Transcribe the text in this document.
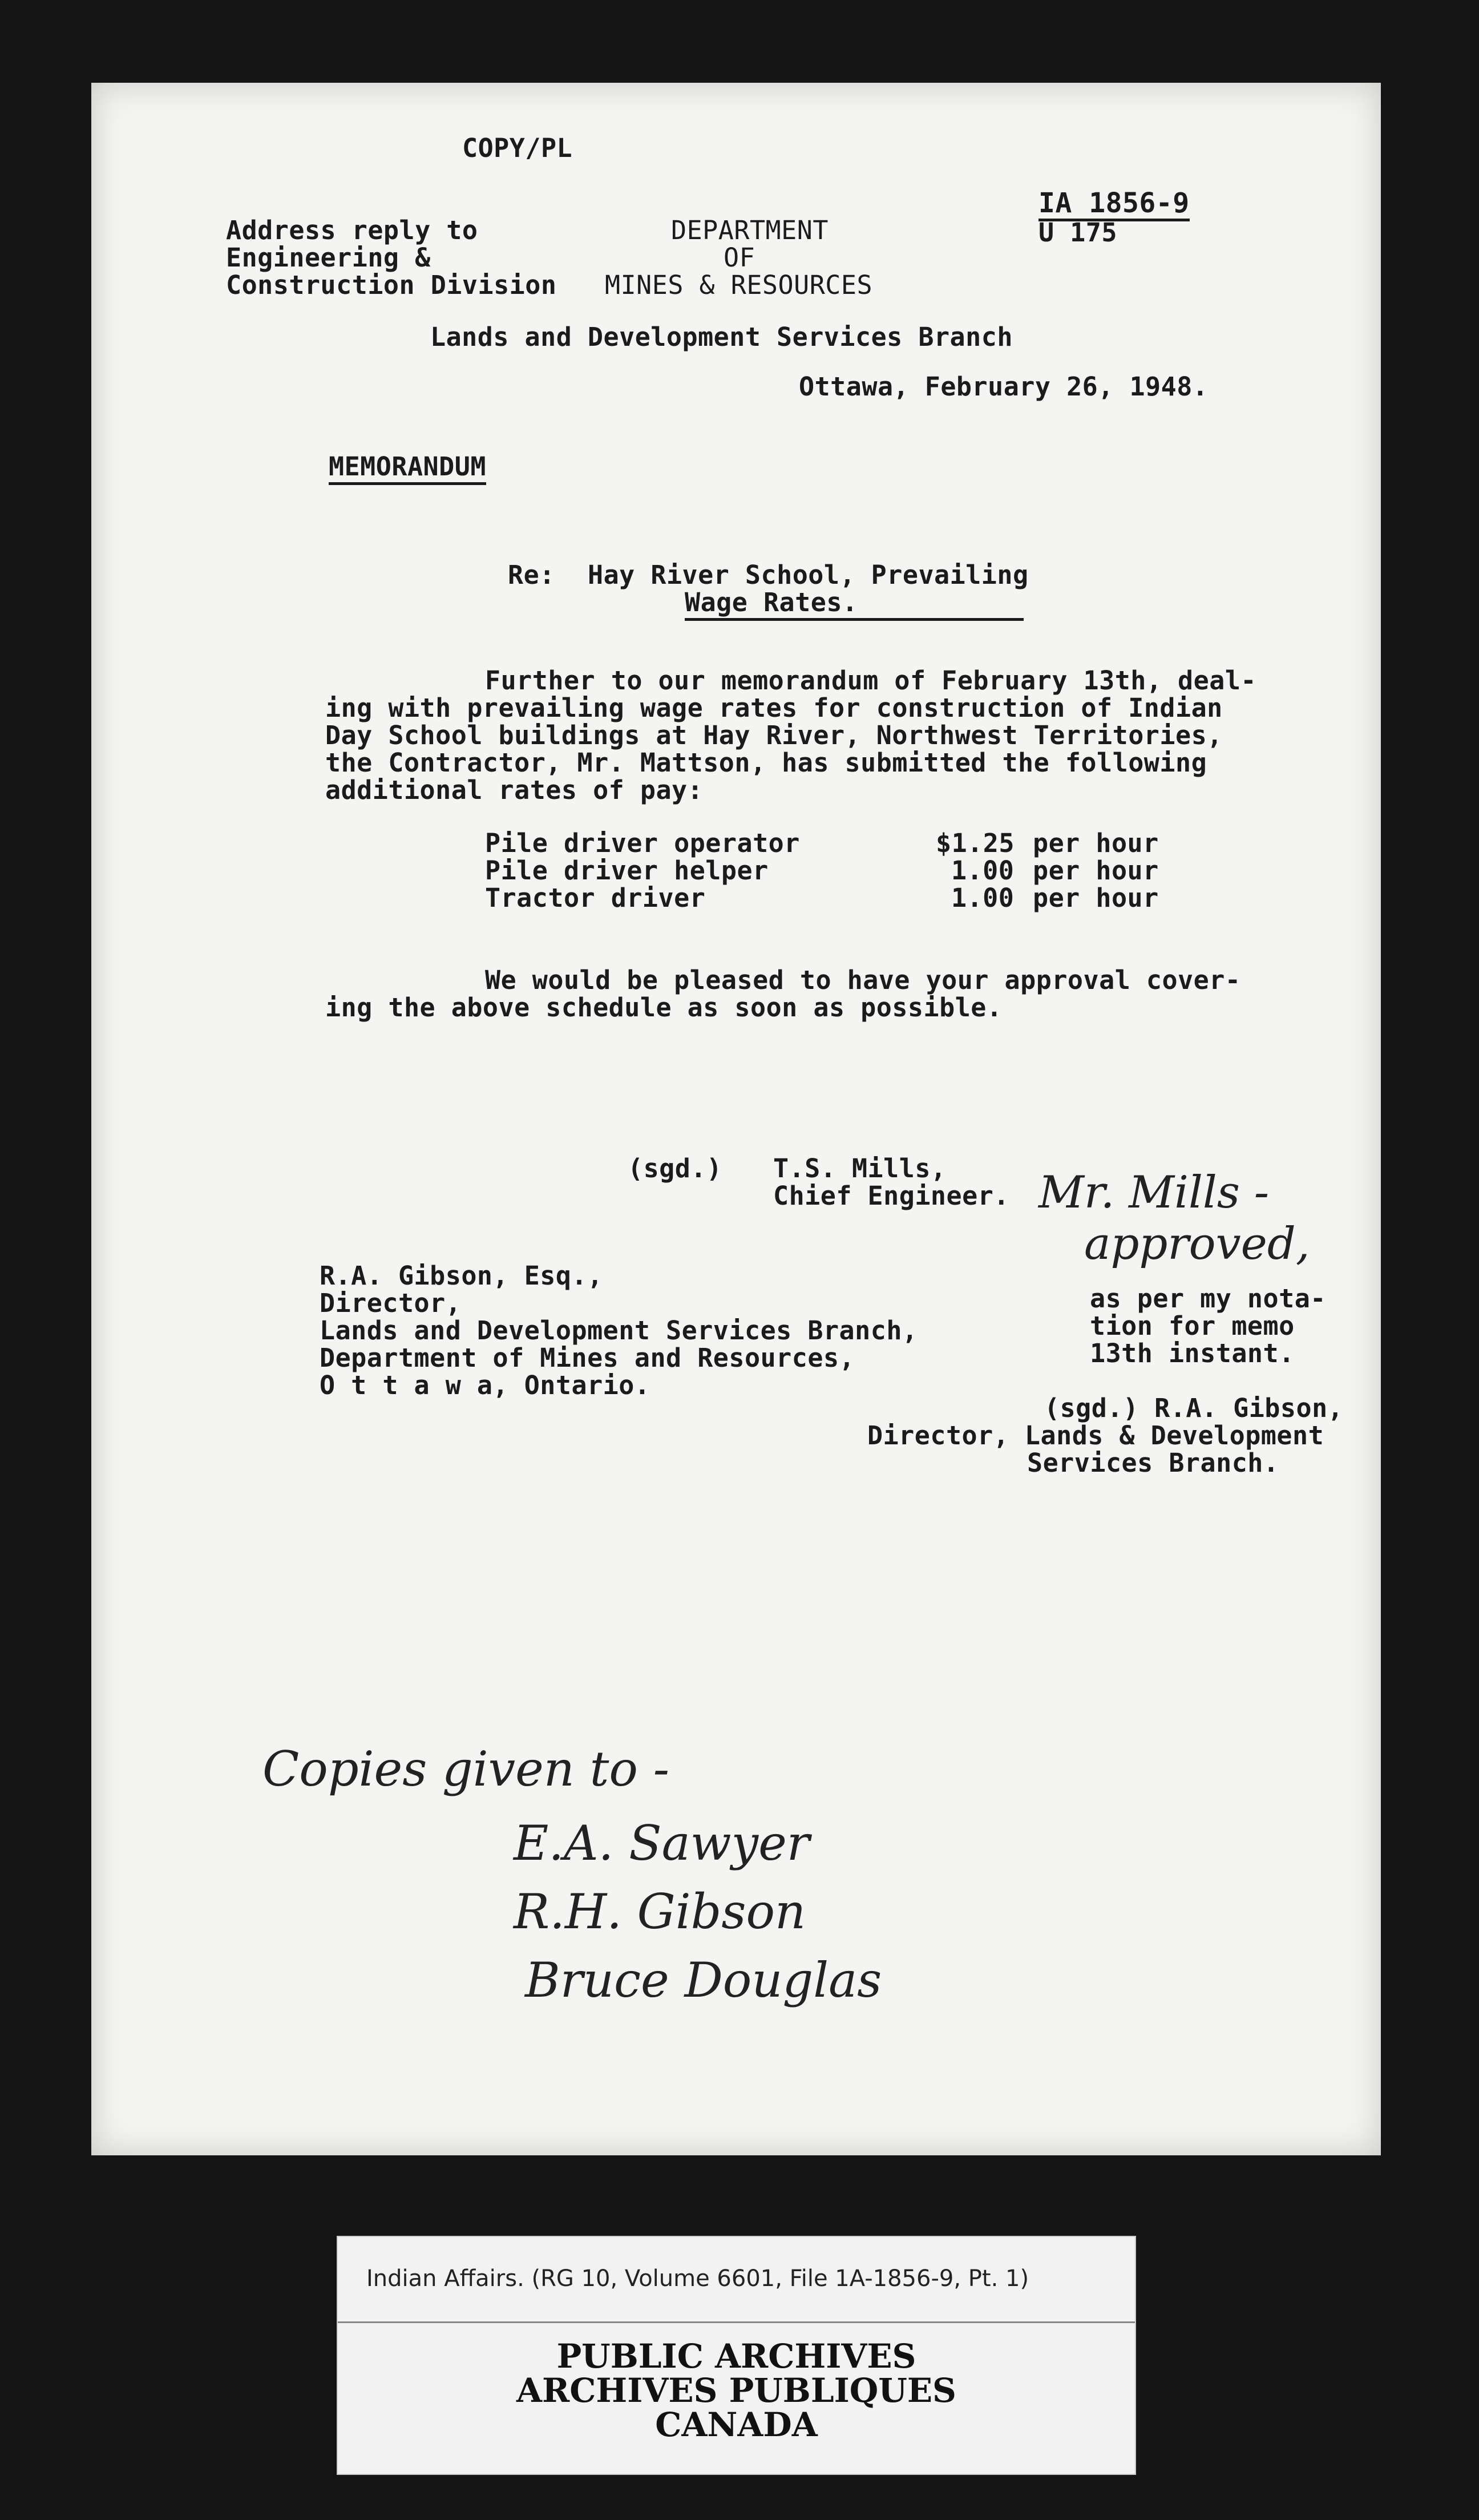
COPY/PL
IA 1856-9
U 175
Address reply to
Engineering &
Construction Division
DEPARTMENT
OF
MINES & RESOURCES
Lands and Development Services Branch
Ottawa, February 26, 1948.
MEMORANDUM
Re: Hay River School, Prevailing
Wage Rates.
Further to our memorandum of February 13th, deal-
ing with prevailing wage rates for construction of Indian
Day School buildings at Hay River, Northwest Territories,
the Contractor, Mr. Mattson, has submitted the following
additional rates of pay:
Pile driver operator	$1.25 per hour
Pile driver helper	1.00 per hour
Tractor driver	1.00 per hour
We would be pleased to have your approval cover-
ing the above schedule as soon as possible.
(sgd.) T.S. Mills,
Chief Engineer.
R.A. Gibson, Esq.,
Director,
Lands and Development Services Branch,
Department of Mines and Resources,
O t t a w a, Ontario.
Mr. Mills -
approved,
as per my nota-
tion for memo
13th instant.
(sgd.) R.A. Gibson,
Director, Lands & Development
Services Branch.
Copies given to -
E.A. Sawyer
R.H. Gibson
Bruce Douglas
Indian Affairs. (RG 10, Volume 6601, File 1A-1856-9, Pt. 1)
PUBLIC ARCHIVES
ARCHIVES PUBLIQUES
CANADA
